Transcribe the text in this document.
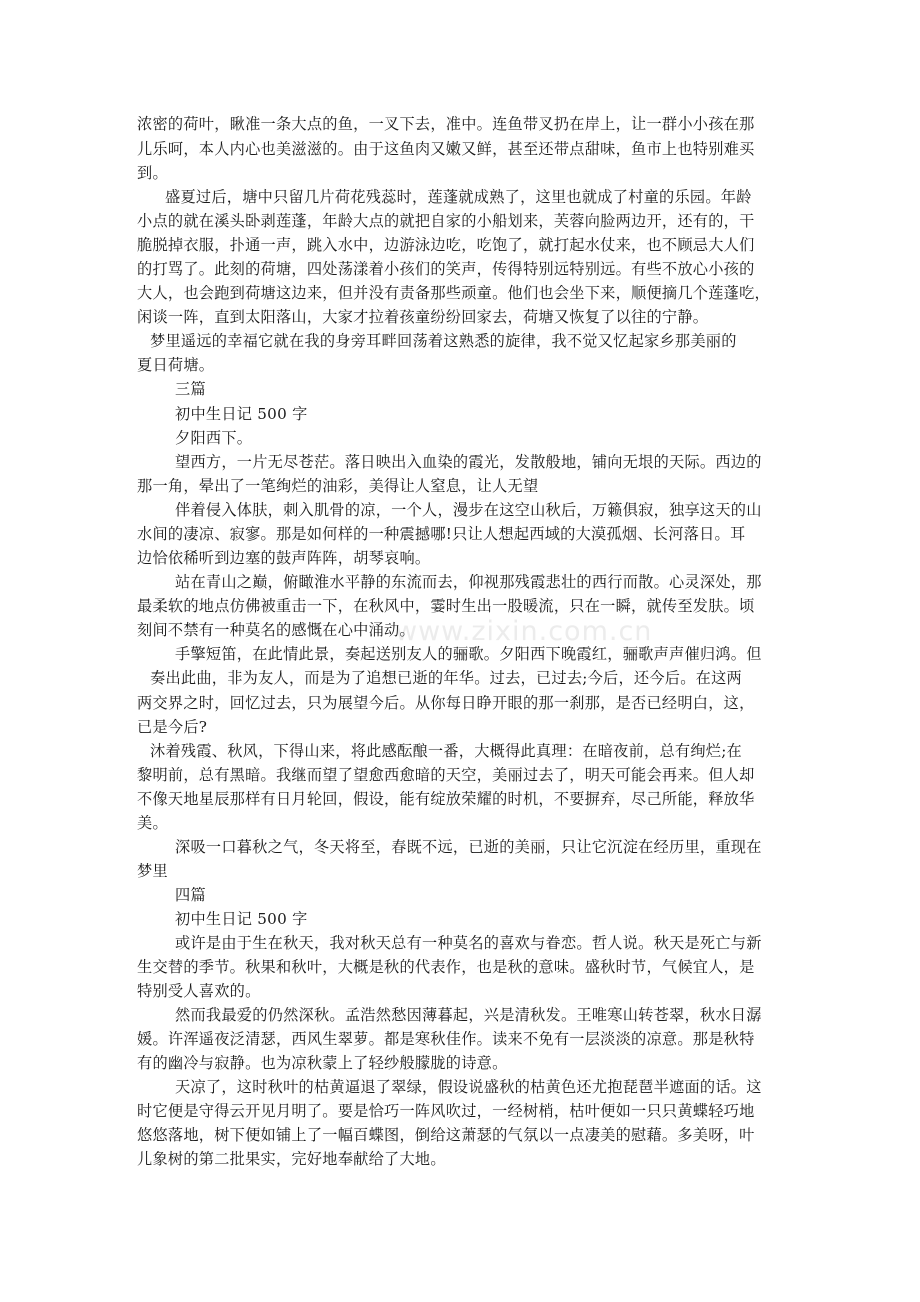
www.zixin.com.cn
浓密的荷叶，瞅准一条大点的鱼，一叉下去，准中。连鱼带叉扔在岸上，让一群小小孩在那
儿乐呵，本人内心也美滋滋的。由于这鱼肉又嫩又鲜，甚至还带点甜味，鱼市上也特别难买
到。
盛夏过后，塘中只留几片荷花残蕊时，莲蓬就成熟了，这里也就成了村童的乐园。年龄
小点的就在溪头卧剥莲蓬，年龄大点的就把自家的小船划来，芙蓉向脸两边开，还有的，干
脆脱掉衣服，扑通一声，跳入水中，边游泳边吃，吃饱了，就打起水仗来，也不顾忌大人们
的打骂了。此刻的荷塘，四处荡漾着小孩们的笑声，传得特别远特别远。有些不放心小孩的
大人，也会跑到荷塘这边来，但并没有责备那些顽童。他们也会坐下来，顺便摘几个莲蓬吃，
闲谈一阵，直到太阳落山，大家才拉着孩童纷纷回家去，荷塘又恢复了以往的宁静。
梦里遥远的幸福它就在我的身旁耳畔回荡着这熟悉的旋律，我不觉又忆起家乡那美丽的
夏日荷塘。
三篇
初中生日记 500 字
夕阳西下。
望西方，一片无尽苍茫。落日映出入血染的霞光，发散般地，铺向无垠的天际。西边的
那一角，晕出了一笔绚烂的油彩，美得让人窒息，让人无望
伴着侵入体肤，刺入肌骨的凉，一个人，漫步在这空山秋后，万籁俱寂，独享这天的山
水间的凄凉、寂寥。那是如何样的一种震撼哪!只让人想起西域的大漠孤烟、长河落日。耳
边恰依稀听到边塞的鼓声阵阵，胡琴哀响。
站在青山之巅，俯瞰淮水平静的东流而去，仰视那残霞悲壮的西行而散。心灵深处，那
最柔软的地点仿佛被重击一下，在秋风中，霎时生出一股暖流，只在一瞬，就传至发肤。顷
刻间不禁有一种莫名的感慨在心中涌动。
手擎短笛，在此情此景，奏起送别友人的骊歌。夕阳西下晚霞红，骊歌声声催归鸿。但
奏出此曲，非为友人，而是为了追想已逝的年华。过去，已过去;今后，还今后。在这两
两交界之时，回忆过去，只为展望今后。从你每日睁开眼的那一刹那，是否已经明白，这，
已是今后?
沐着残霞、秋风，下得山来，将此感酝酿一番，大概得此真理：在暗夜前，总有绚烂;在
黎明前，总有黑暗。我继而望了望愈西愈暗的天空，美丽过去了，明天可能会再来。但人却
不像天地星辰那样有日月轮回，假设，能有绽放荣耀的时机，不要摒弃，尽己所能，释放华
美。
深吸一口暮秋之气，冬天将至，春既不远，已逝的美丽，只让它沉淀在经历里，重现在
梦里
四篇
初中生日记 500 字
或许是由于生在秋天，我对秋天总有一种莫名的喜欢与眷恋。哲人说。秋天是死亡与新
生交替的季节。秋果和秋叶，大概是秋的代表作，也是秋的意味。盛秋时节，气候宜人，是
特别受人喜欢的。
然而我最爱的仍然深秋。孟浩然愁因薄暮起，兴是清秋发。王唯寒山转苍翠，秋水日潺
媛。许浑遥夜泛清瑟，西风生翠萝。都是寒秋佳作。读来不免有一层淡淡的凉意。那是秋特
有的幽冷与寂静。也为凉秋蒙上了轻纱般朦胧的诗意。
天凉了，这时秋叶的枯黄逼退了翠绿，假设说盛秋的枯黄色还尤抱琵琶半遮面的话。这
时它便是守得云开见月明了。要是恰巧一阵风吹过，一经树梢，枯叶便如一只只黄蝶轻巧地
悠悠落地，树下便如铺上了一幅百蝶图，倒给这萧瑟的气氛以一点凄美的慰藉。多美呀，叶
儿象树的第二批果实，完好地奉献给了大地。
